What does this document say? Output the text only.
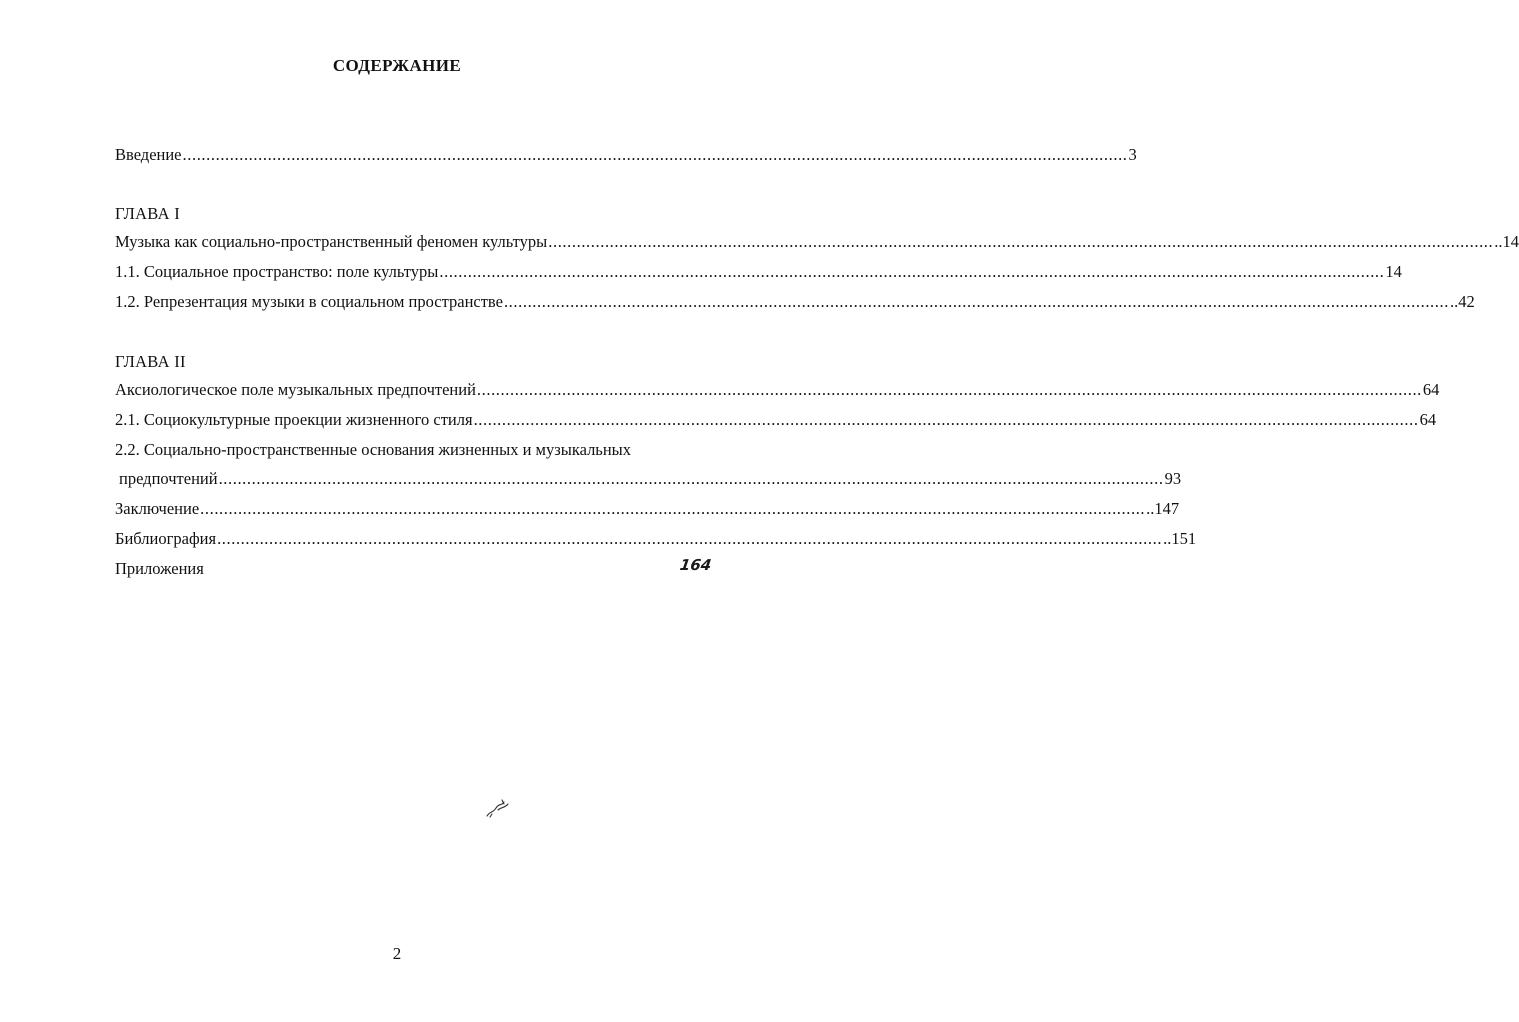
СОДЕРЖАНИЕ
Введение ........................................................................................................................................................................................................ 3
ГЛАВА I
Музыка как социально-пространственный феномен культуры ........................................................................................................................................................................................................ ..14
1.1. Социальное пространство: поле культуры ........................................................................................................................................................................................................ 14
1.2. Репрезентация музыки в социальном пространстве ........................................................................................................................................................................................................ ..42
ГЛАВА II
Аксиологическое поле музыкальных предпочтений ........................................................................................................................................................................................................ 64
2.1. Социокультурные проекции жизненного стиля ........................................................................................................................................................................................................ 64
2.2. Социально-пространственные основания жизненных и музыкальных
предпочтений ........................................................................................................................................................................................................ 93
Заключение ........................................................................................................................................................................................................ ..147
Библиография ........................................................................................................................................................................................................ ..151
Приложения	164
2
